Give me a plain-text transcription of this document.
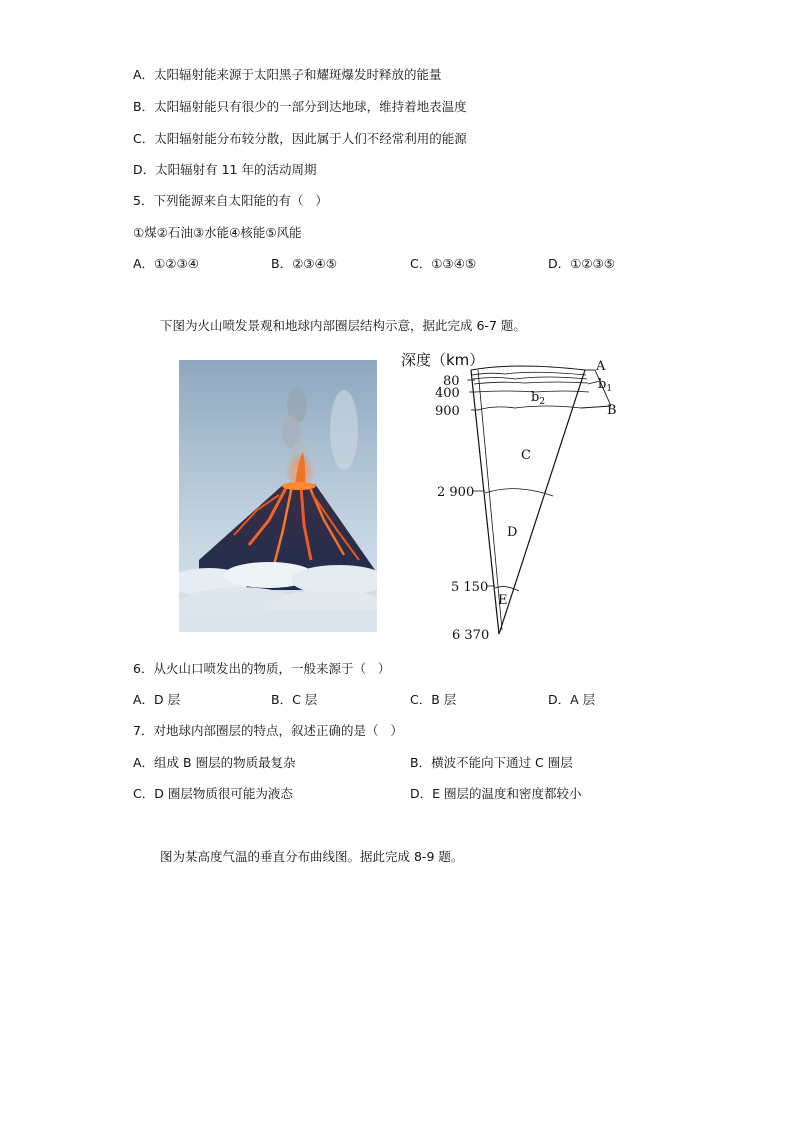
A．太阳辐射能来源于太阳黑子和耀斑爆发时释放的能量
B．太阳辐射能只有很少的一部分到达地球，维持着地表温度
C．太阳辐射能分布较分散，因此属于人们不经常利用的能源
D．太阳辐射有 11 年的活动周期
5．下列能源来自太阳能的有（   ）
①煤②石油③水能④核能⑤风能
A．①②③④	B．②③④⑤	C．①③④⑤	D．①②③⑤
下图为火山喷发景观和地球内部圈层结构示意，据此完成 6-7 题。
深度（km）
80
400
900
2 900
5 150
6 370
A
$b_1$
$b_2$
B
C
D
E
6．从火山口喷发出的物质，一般来源于（   ）
A．D 层	B．C 层	C．B 层	D．A 层
7．对地球内部圈层的特点，叙述正确的是（   ）
A．组成 B 圈层的物质最复杂	B．横波不能向下通过 C 圈层
C．D 圈层物质很可能为液态	D．E 圈层的温度和密度都较小
图为某高度气温的垂直分布曲线图。据此完成 8-9 题。
